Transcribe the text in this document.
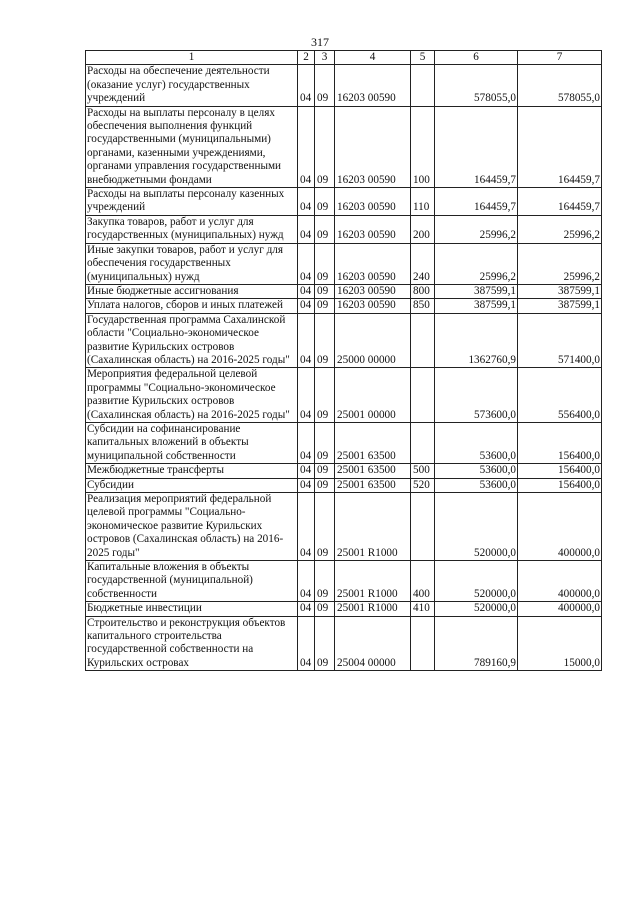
317
1	2	3	4	5	6	7
Расходы на обеспечение деятельности (оказание услуг) государственных учреждений	04	09	16203 00590		578055,0	578055,0
Расходы на выплаты персоналу в целях обеспечения выполнения функций государственными (муниципальными) органами, казенными учреждениями, органами управления государственными внебюджетными фондами	04	09	16203 00590	100	164459,7	164459,7
Расходы на выплаты персоналу казенных учреждений	04	09	16203 00590	110	164459,7	164459,7
Закупка товаров, работ и услуг для государственных (муниципальных) нужд	04	09	16203 00590	200	25996,2	25996,2
Иные закупки товаров, работ и услуг для обеспечения государственных (муниципальных) нужд	04	09	16203 00590	240	25996,2	25996,2
Иные бюджетные ассигнования	04	09	16203 00590	800	387599,1	387599,1
Уплата налогов, сборов и иных платежей	04	09	16203 00590	850	387599,1	387599,1
Государственная программа Сахалинской области "Социально-экономическое развитие Курильских островов (Сахалинская область) на 2016-2025 годы"	04	09	25000 00000		1362760,9	571400,0
Мероприятия федеральной целевой программы "Социально-экономическое развитие Курильских островов (Сахалинская область) на 2016-2025 годы"	04	09	25001 00000		573600,0	556400,0
Субсидии на софинансирование капитальных вложений в объекты муниципальной собственности	04	09	25001 63500		53600,0	156400,0
Межбюджетные трансферты	04	09	25001 63500	500	53600,0	156400,0
Субсидии	04	09	25001 63500	520	53600,0	156400,0
Реализация мероприятий федеральной целевой программы "Социально-экономическое развитие Курильских островов (Сахалинская область) на 2016-2025 годы"	04	09	25001 R1000		520000,0	400000,0
Капитальные вложения в объекты государственной (муниципальной) собственности	04	09	25001 R1000	400	520000,0	400000,0
Бюджетные инвестиции	04	09	25001 R1000	410	520000,0	400000,0
Строительство и реконструкция объектов капитального строительства государственной собственности на Курильских островах	04	09	25004 00000		789160,9	15000,0
